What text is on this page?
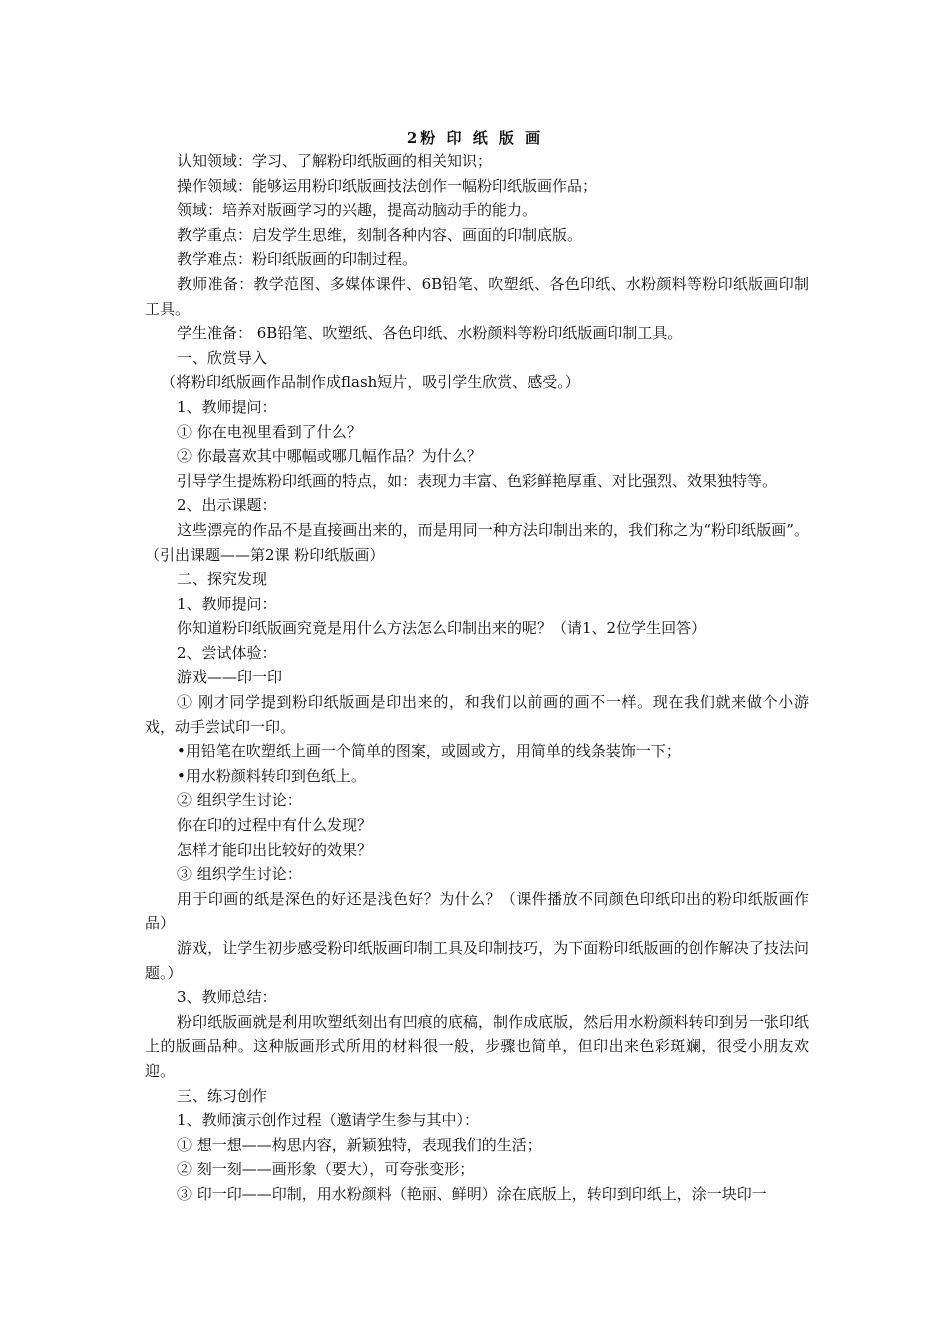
2粉 印 纸 版 画

认知领域：学习、了解粉印纸版画的相关知识；

操作领域：能够运用粉印纸版画技法创作一幅粉印纸版画作品；

领域：培养对版画学习的兴趣，提高动脑动手的能力。

教学重点：启发学生思维，刻制各种内容、画面的印制底版。

教学难点：粉印纸版画的印制过程。

教师准备：教学范图、多媒体课件、6B铅笔、吹塑纸、各色印纸、水粉颜料等粉印纸版画印制工具。

学生准备： 6B铅笔、吹塑纸、各色印纸、水粉颜料等粉印纸版画印制工具。

一、欣赏导入

（将粉印纸版画作品制作成flash短片，吸引学生欣赏、感受。）

1、教师提问：

① 你在电视里看到了什么？

② 你最喜欢其中哪幅或哪几幅作品？为什么？

引导学生提炼粉印纸画的特点，如：表现力丰富、色彩鲜艳厚重、对比强烈、效果独特等。

2、出示课题：

这些漂亮的作品不是直接画出来的，而是用同一种方法印制出来的，我们称之为“粉印纸版画”。（引出课题——第2课 粉印纸版画）

二、探究发现

1、教师提问：

你知道粉印纸版画究竟是用什么方法怎么印制出来的呢？（请1、2位学生回答）

2、尝试体验：

游戏——印一印

① 刚才同学提到粉印纸版画是印出来的，和我们以前画的画不一样。现在我们就来做个小游戏，动手尝试印一印。

•用铅笔在吹塑纸上画一个简单的图案，或圆或方，用简单的线条装饰一下；

•用水粉颜料转印到色纸上。

② 组织学生讨论：

你在印的过程中有什么发现？

怎样才能印出比较好的效果？

③ 组织学生讨论：

用于印画的纸是深色的好还是浅色好？为什么？（课件播放不同颜色印纸印出的粉印纸版画作品）

游戏，让学生初步感受粉印纸版画印制工具及印制技巧，为下面粉印纸版画的创作解决了技法问题。）

3、教师总结：

粉印纸版画就是利用吹塑纸刻出有凹痕的底稿，制作成底版，然后用水粉颜料转印到另一张印纸上的版画品种。这种版画形式所用的材料很一般，步骤也简单，但印出来色彩斑斓，很受小朋友欢迎。

三、练习创作

1、教师演示创作过程（邀请学生参与其中）：

① 想一想——构思内容，新颖独特，表现我们的生活；

② 刻一刻——画形象（要大），可夸张变形；

③ 印一印——印制，用水粉颜料（艳丽、鲜明）涂在底版上，转印到印纸上，涂一块印一
